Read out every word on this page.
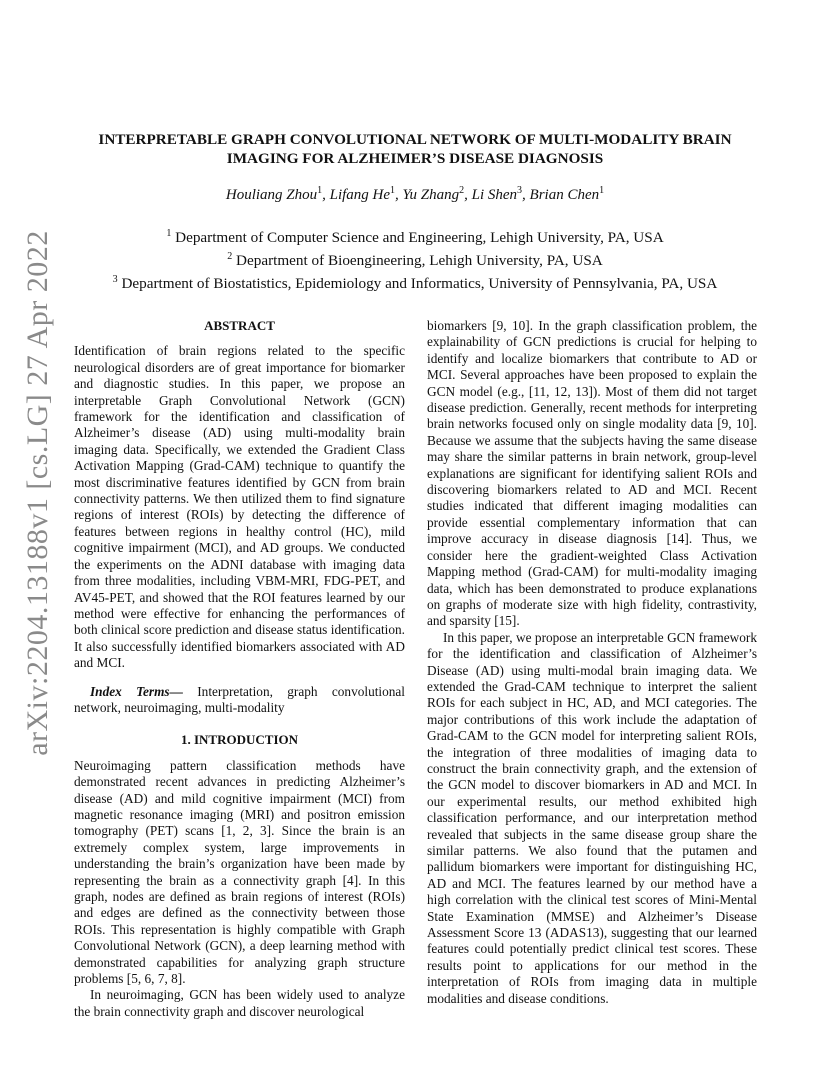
arXiv:2204.13188v1 [cs.LG] 27 Apr 2022
INTERPRETABLE GRAPH CONVOLUTIONAL NETWORK OF MULTI-MODALITY BRAIN
IMAGING FOR ALZHEIMER’S DISEASE DIAGNOSIS
Houliang Zhou$^1$, Lifang He$^1$, Yu Zhang$^2$, Li Shen$^3$, Brian Chen$^1$
$^1$ Department of Computer Science and Engineering, Lehigh University, PA, USA
$^2$ Department of Bioengineering, Lehigh University, PA, USA
$^3$ Department of Biostatistics, Epidemiology and Informatics, University of Pennsylvania, PA, USA
ABSTRACT

Identification of brain regions related to the specific neurological disorders are of great importance for biomarker and diagnostic studies. In this paper, we propose an interpretable Graph Convolutional Network (GCN) framework for the identification and classification of Alzheimer’s disease (AD) using multi-modality brain imaging data. Specifically, we extended the Gradient Class Activation Mapping (Grad-CAM) technique to quantify the most discriminative features identified by GCN from brain connectivity patterns. We then utilized them to find signature regions of interest (ROIs) by detecting the difference of features between regions in healthy control (HC), mild cognitive impairment (MCI), and AD groups. We conducted the experiments on the ADNI database with imaging data from three modalities, including VBM-MRI, FDG-PET, and AV45-PET, and showed that the ROI features learned by our method were effective for enhancing the performances of both clinical score prediction and disease status identification. It also successfully identified biomarkers associated with AD and MCI.

Index Terms— Interpretation, graph convolutional network, neuroimaging, multi-modality

1. INTRODUCTION

Neuroimaging pattern classification methods have demonstrated recent advances in predicting Alzheimer’s disease (AD) and mild cognitive impairment (MCI) from magnetic resonance imaging (MRI) and positron emission tomography (PET) scans [1, 2, 3]. Since the brain is an extremely complex system, large improvements in understanding the brain’s organization have been made by representing the brain as a connectivity graph [4]. In this graph, nodes are defined as brain regions of interest (ROIs) and edges are defined as the connectivity between those ROIs. This representation is highly compatible with Graph Convolutional Network (GCN), a deep learning method with demonstrated capabilities for analyzing graph structure problems [5, 6, 7, 8].

In neuroimaging, GCN has been widely used to analyze the brain connectivity graph and discover neurological

biomarkers [9, 10]. In the graph classification problem, the explainability of GCN predictions is crucial for helping to identify and localize biomarkers that contribute to AD or MCI. Several approaches have been proposed to explain the GCN model (e.g., [11, 12, 13]). Most of them did not target disease prediction. Generally, recent methods for interpreting brain networks focused only on single modality data [9, 10]. Because we assume that the subjects having the same disease may share the similar patterns in brain network, group-level explanations are significant for identifying salient ROIs and discovering biomarkers related to AD and MCI. Recent studies indicated that different imaging modalities can provide essential complementary information that can improve accuracy in disease diagnosis [14]. Thus, we consider here the gradient-weighted Class Activation Mapping method (Grad-CAM) for multi-modality imaging data, which has been demonstrated to produce explanations on graphs of moderate size with high fidelity, contrastivity, and sparsity [15].

In this paper, we propose an interpretable GCN framework for the identification and classification of Alzheimer’s Disease (AD) using multi-modal brain imaging data. We extended the Grad-CAM technique to interpret the salient ROIs for each subject in HC, AD, and MCI categories. The major contributions of this work include the adaptation of Grad-CAM to the GCN model for interpreting salient ROIs, the integration of three modalities of imaging data to construct the brain connectivity graph, and the extension of the GCN model to discover biomarkers in AD and MCI. In our experimental results, our method exhibited high classification performance, and our interpretation method revealed that subjects in the same disease group share the similar patterns. We also found that the putamen and pallidum biomarkers were important for distinguishing HC, AD and MCI. The features learned by our method have a high correlation with the clinical test scores of Mini-Mental State Examination (MMSE) and Alzheimer’s Disease Assessment Score 13 (ADAS13), suggesting that our learned features could potentially predict clinical test scores. These results point to applications for our method in the interpretation of ROIs from imaging data in multiple modalities and disease conditions.
